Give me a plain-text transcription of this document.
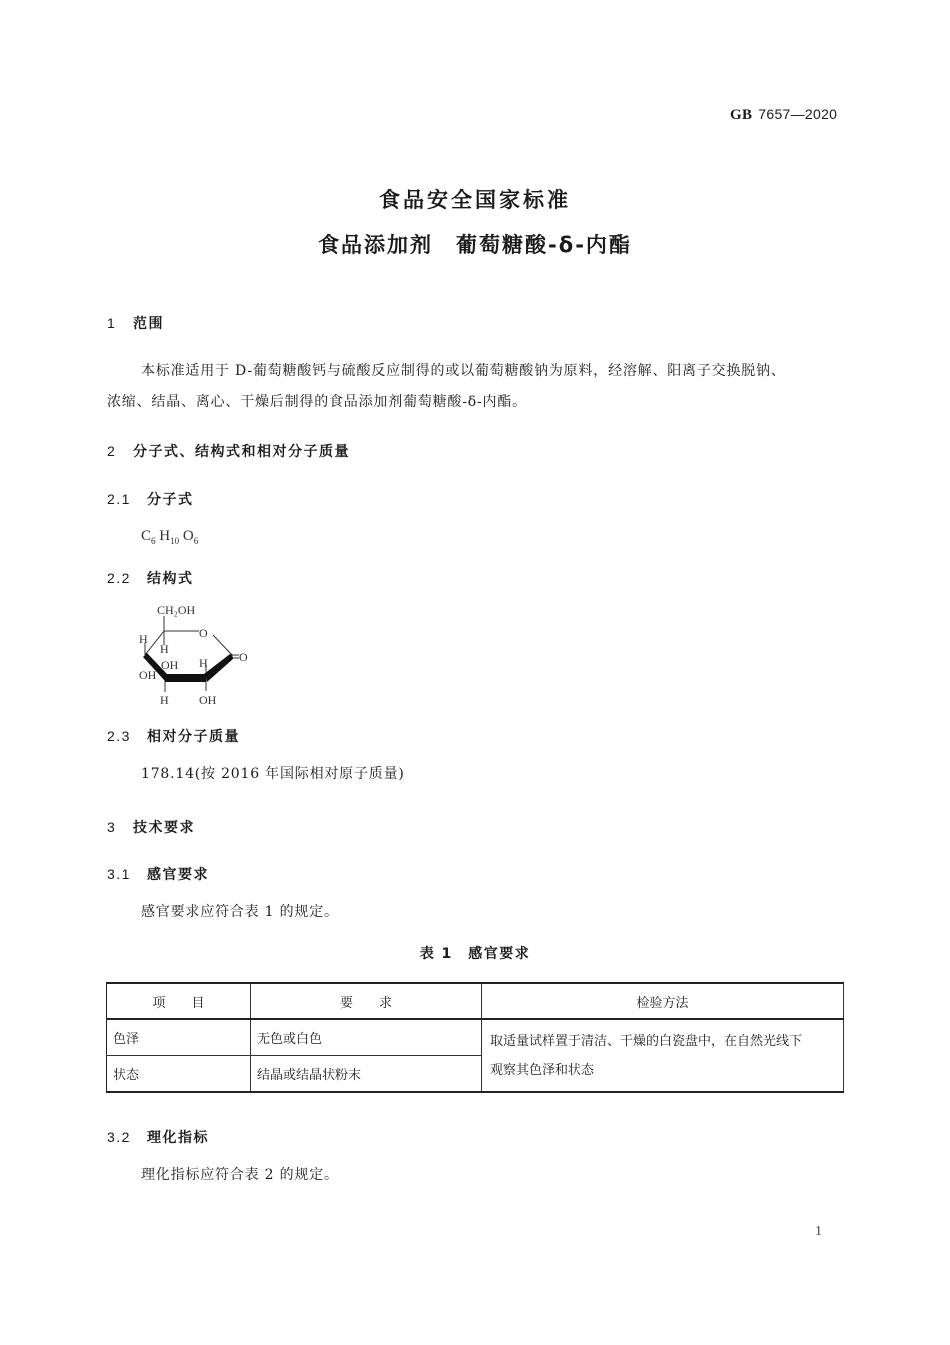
GB 7657—2020
食品安全国家标准
食品添加剂　葡萄糖酸-δ-内酯
1 范围
本标准适用于 D-葡萄糖酸钙与硫酸反应制得的或以葡萄糖酸钠为原料，经溶解、阳离子交换脱钠、
浓缩、结晶、离心、干燥后制得的食品添加剂葡萄糖酸-δ-内酯。
2 分子式、结构式和相对分子质量
2.1 分子式
$C_6$ $H_{10}$ $O_6$
2.2 结构式
CH₂OH
O
O
H
H
OH H
OH
H	OH
2.3 相对分子质量
178.14(按 2016 年国际相对原子质量)
3 技术要求
3.1 感官要求
感官要求应符合表 1 的规定。
表 1　感官要求
项　　目	要　　求	检验方法
色泽	无色或白色	取适量试样置于清洁、干燥的白瓷盘中，在自然光线下
观察其色泽和状态

状态	结晶或结晶状粉末	
3.2 理化指标
理化指标应符合表 2 的规定。
1
